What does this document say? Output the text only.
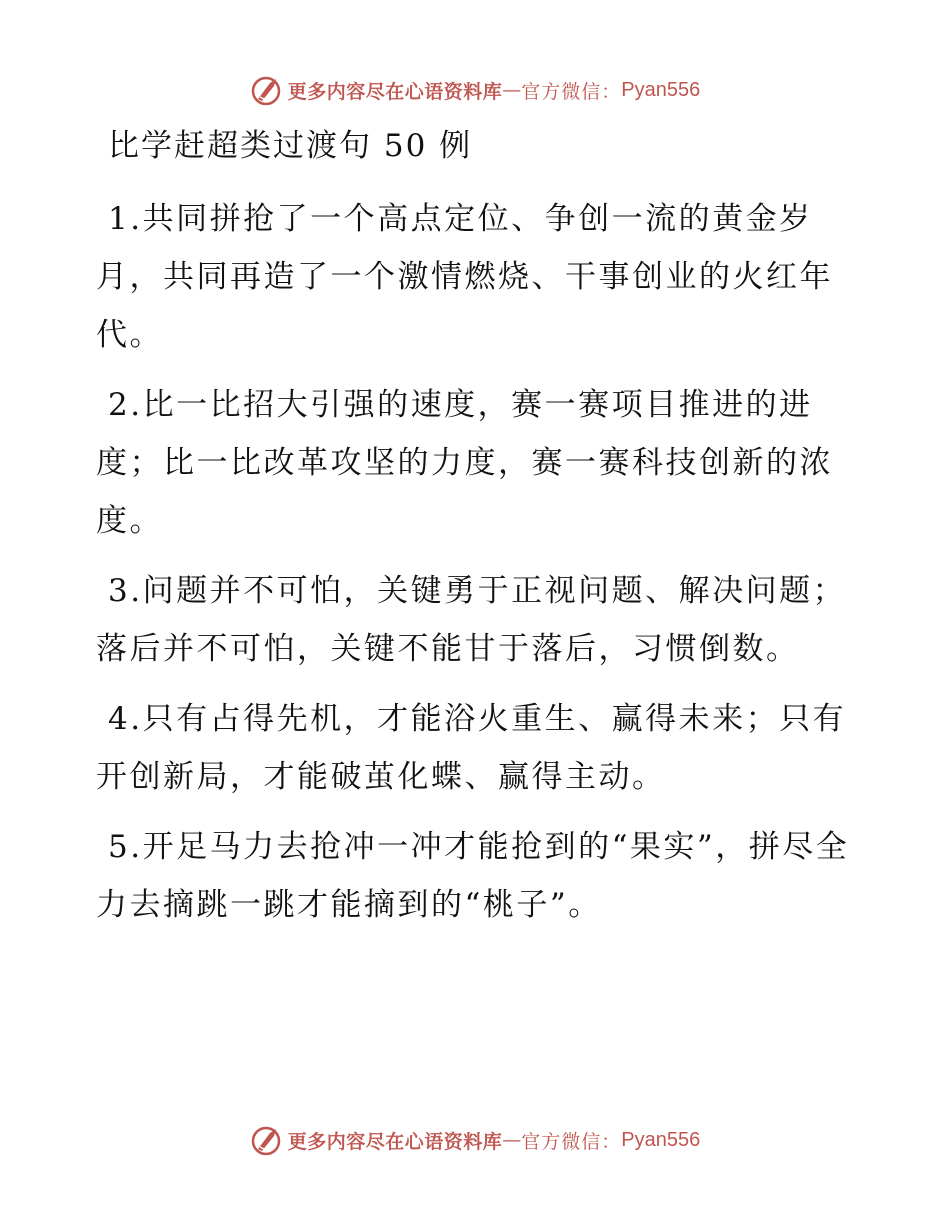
更多内容尽在心语资料库 — 官方微信： Pyan556
比学赶超类过渡句 50 例

1.共同拼抢了一个高点定位、争创一流的黄金岁月，共同再造了一个激情燃烧、干事创业的火红年代。

2.比一比招大引强的速度，赛一赛项目推进的进度；比一比改革攻坚的力度，赛一赛科技创新的浓度。

3.问题并不可怕，关键勇于正视问题、解决问题；落后并不可怕，关键不能甘于落后，习惯倒数。

4.只有占得先机，才能浴火重生、赢得未来；只有开创新局，才能破茧化蝶、赢得主动。

5.开足马力去抢冲一冲才能抢到的“果实”，拼尽全力去摘跳一跳才能摘到的“桃子”。

更多内容尽在心语资料库 — 官方微信： Pyan556
